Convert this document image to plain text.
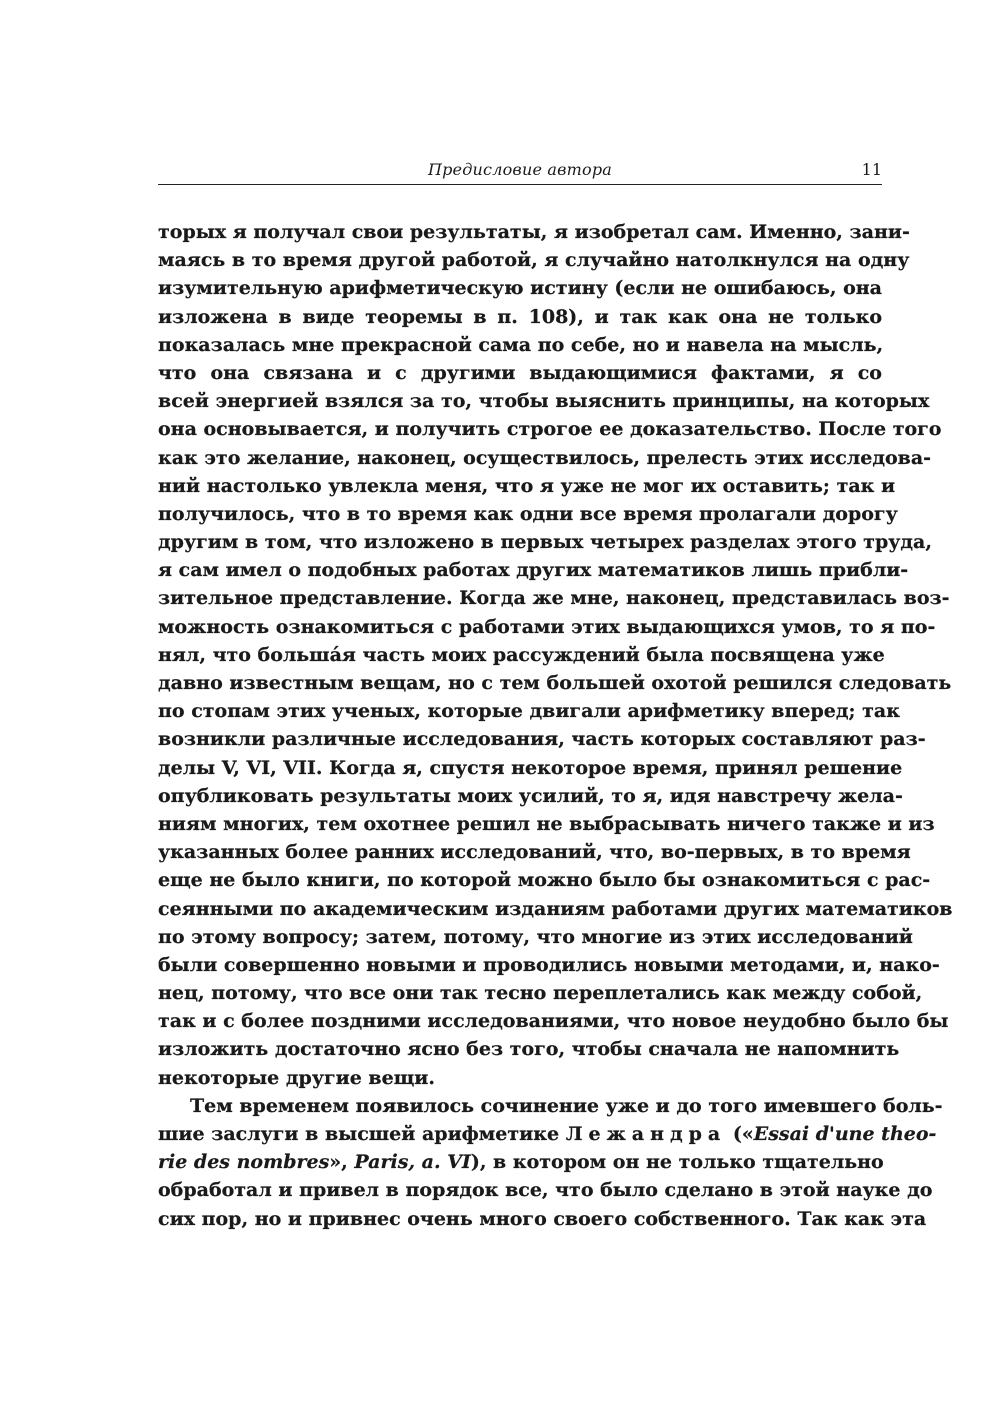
Предисловие автора	11
торых я получал свои результаты, я изобретал сам. Именно, зани-
маясь в то время другой работой, я случайно натолкнулся на одну
изумительную арифметическую истину (если не ошибаюсь, она
изложена в виде теоремы в п. 108), и так как она не только
показалась мне прекрасной сама по себе, но и навела на мысль,
что она связана и с другими выдающимися фактами, я со
всей энергией взялся за то, чтобы выяснить принципы, на которых
она основывается, и получить строгое ее доказательство. После того
как это желание, наконец, осуществилось, прелесть этих исследова-
ний настолько увлекла меня, что я уже не мог их оставить; так и
получилось, что в то время как одни все время пролагали дорогу
другим в том, что изложено в первых четырех разделах этого труда,
я сам имел о подобных работах других математиков лишь прибли-
зительное представление. Когда же мне, наконец, представилась воз-
можность ознакомиться с работами этих выдающихся умов, то я по-
нял, что больша́я часть моих рассуждений была посвящена уже
давно известным вещам, но с тем большей охотой решился следовать
по стопам этих ученых, которые двигали арифметику вперед; так
возникли различные исследования, часть которых составляют раз-
делы V, VI, VII. Когда я, спустя некоторое время, принял решение
опубликовать результаты моих усилий, то я, идя навстречу жела-
ниям многих, тем охотнее решил не выбрасывать ничего также и из
указанных более ранних исследований, что, во-первых, в то время
еще не было книги, по которой можно было бы ознакомиться с рас-
сеянными по академическим изданиям работами других математиков
по этому вопросу; затем, потому, что многие из этих исследований
были совершенно новыми и проводились новыми методами, и, нако-
нец, потому, что все они так тесно переплетались как между собой,
так и с более поздними исследованиями, что новое неудобно было бы
изложить достаточно ясно без того, чтобы сначала не напомнить
некоторые другие вещи.
Тем временем появилось сочинение уже и до того имевшего боль-
шие заслуги в высшей арифметике Лежандра («Essai d'une theo-
rie des nombres», Paris, a. VI), в котором он не только тщательно
обработал и привел в порядок все, что было сделано в этой науке до
сих пор, но и привнес очень много своего собственного. Так как эта
